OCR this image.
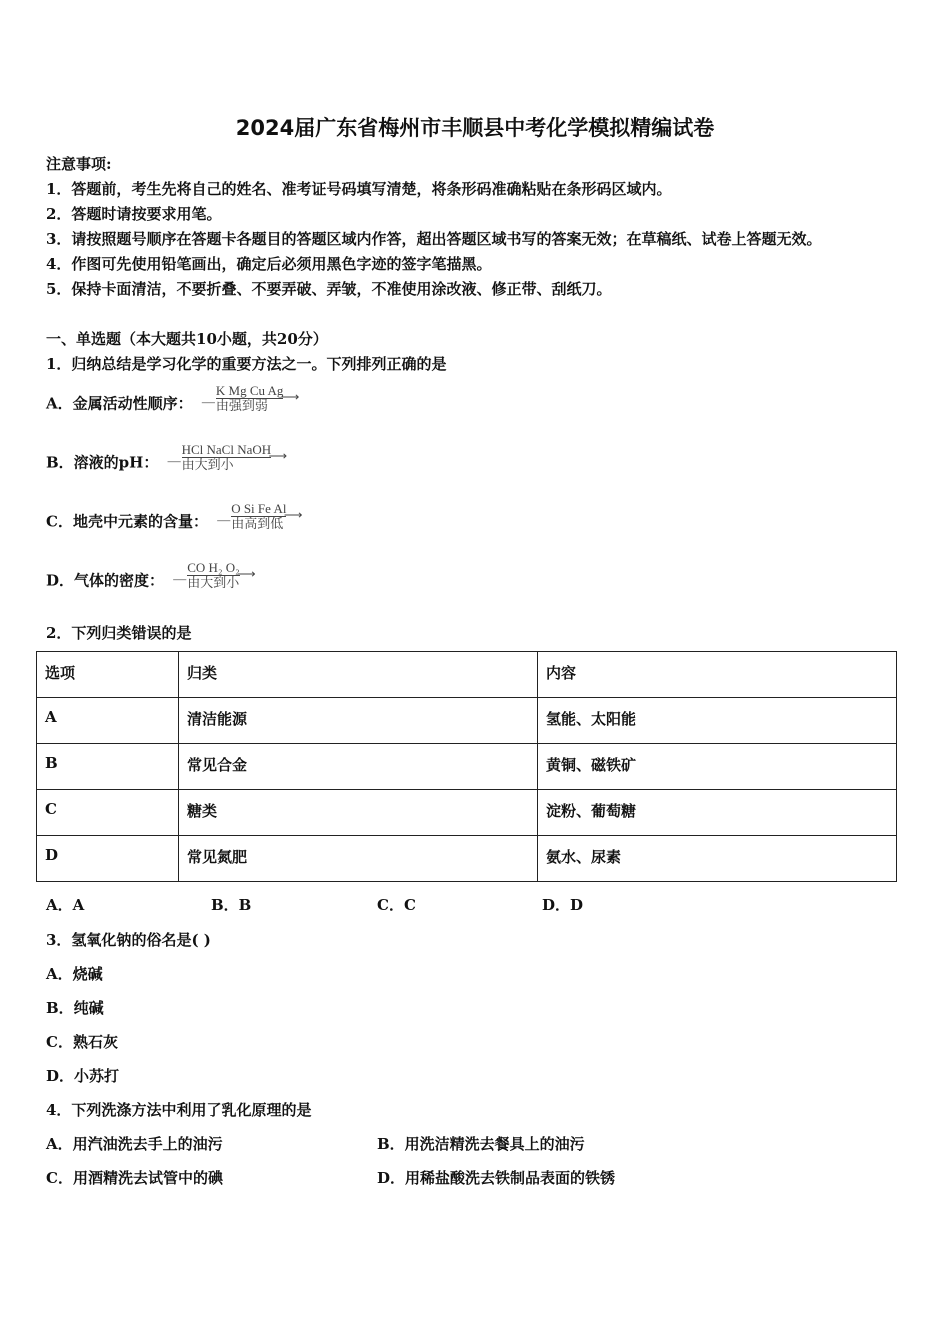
2024届广东省梅州市丰顺县中考化学模拟精编试卷
注意事项:
1．答题前，考生先将自己的姓名、准考证号码填写清楚，将条形码准确粘贴在条形码区域内。
2．答题时请按要求用笔。
3．请按照题号顺序在答题卡各题目的答题区域内作答，超出答题区域书写的答案无效；在草稿纸、试卷上答题无效。
4．作图可先使用铅笔画出，确定后必须用黑色字迹的签字笔描黑。
5．保持卡面清洁，不要折叠、不要弄破、弄皱，不准使用涂改液、修正带、刮纸刀。
一、单选题（本大题共10小题，共20分）
1．归纳总结是学习化学的重要方法之一。下列排列正确的是
A．金属活动性顺序： —
K Mg Cu Ag
由强到弱
⟶
B．溶液的pH： —
HCl NaCl NaOH
由大到小
⟶
C．地壳中元素的含量： —
O Si Fe Al
由高到低
⟶
D．气体的密度： —
CO H₂ O₂
由大到小
⟶
2．下列归类错误的是
选项	归类	内容
A	清洁能源	氢能、太阳能
B	常见合金	黄铜、磁铁矿
C	糖类	淀粉、葡萄糖
D	常见氮肥	氨水、尿素
A．A	B．B	C．C	D．D
3．氢氧化钠的俗名是( )
A．烧碱
B．纯碱
C．熟石灰
D．小苏打
4．下列洗涤方法中利用了乳化原理的是
A．用汽油洗去手上的油污	B．用洗洁精洗去餐具上的油污
C．用酒精洗去试管中的碘	D．用稀盐酸洗去铁制品表面的铁锈
